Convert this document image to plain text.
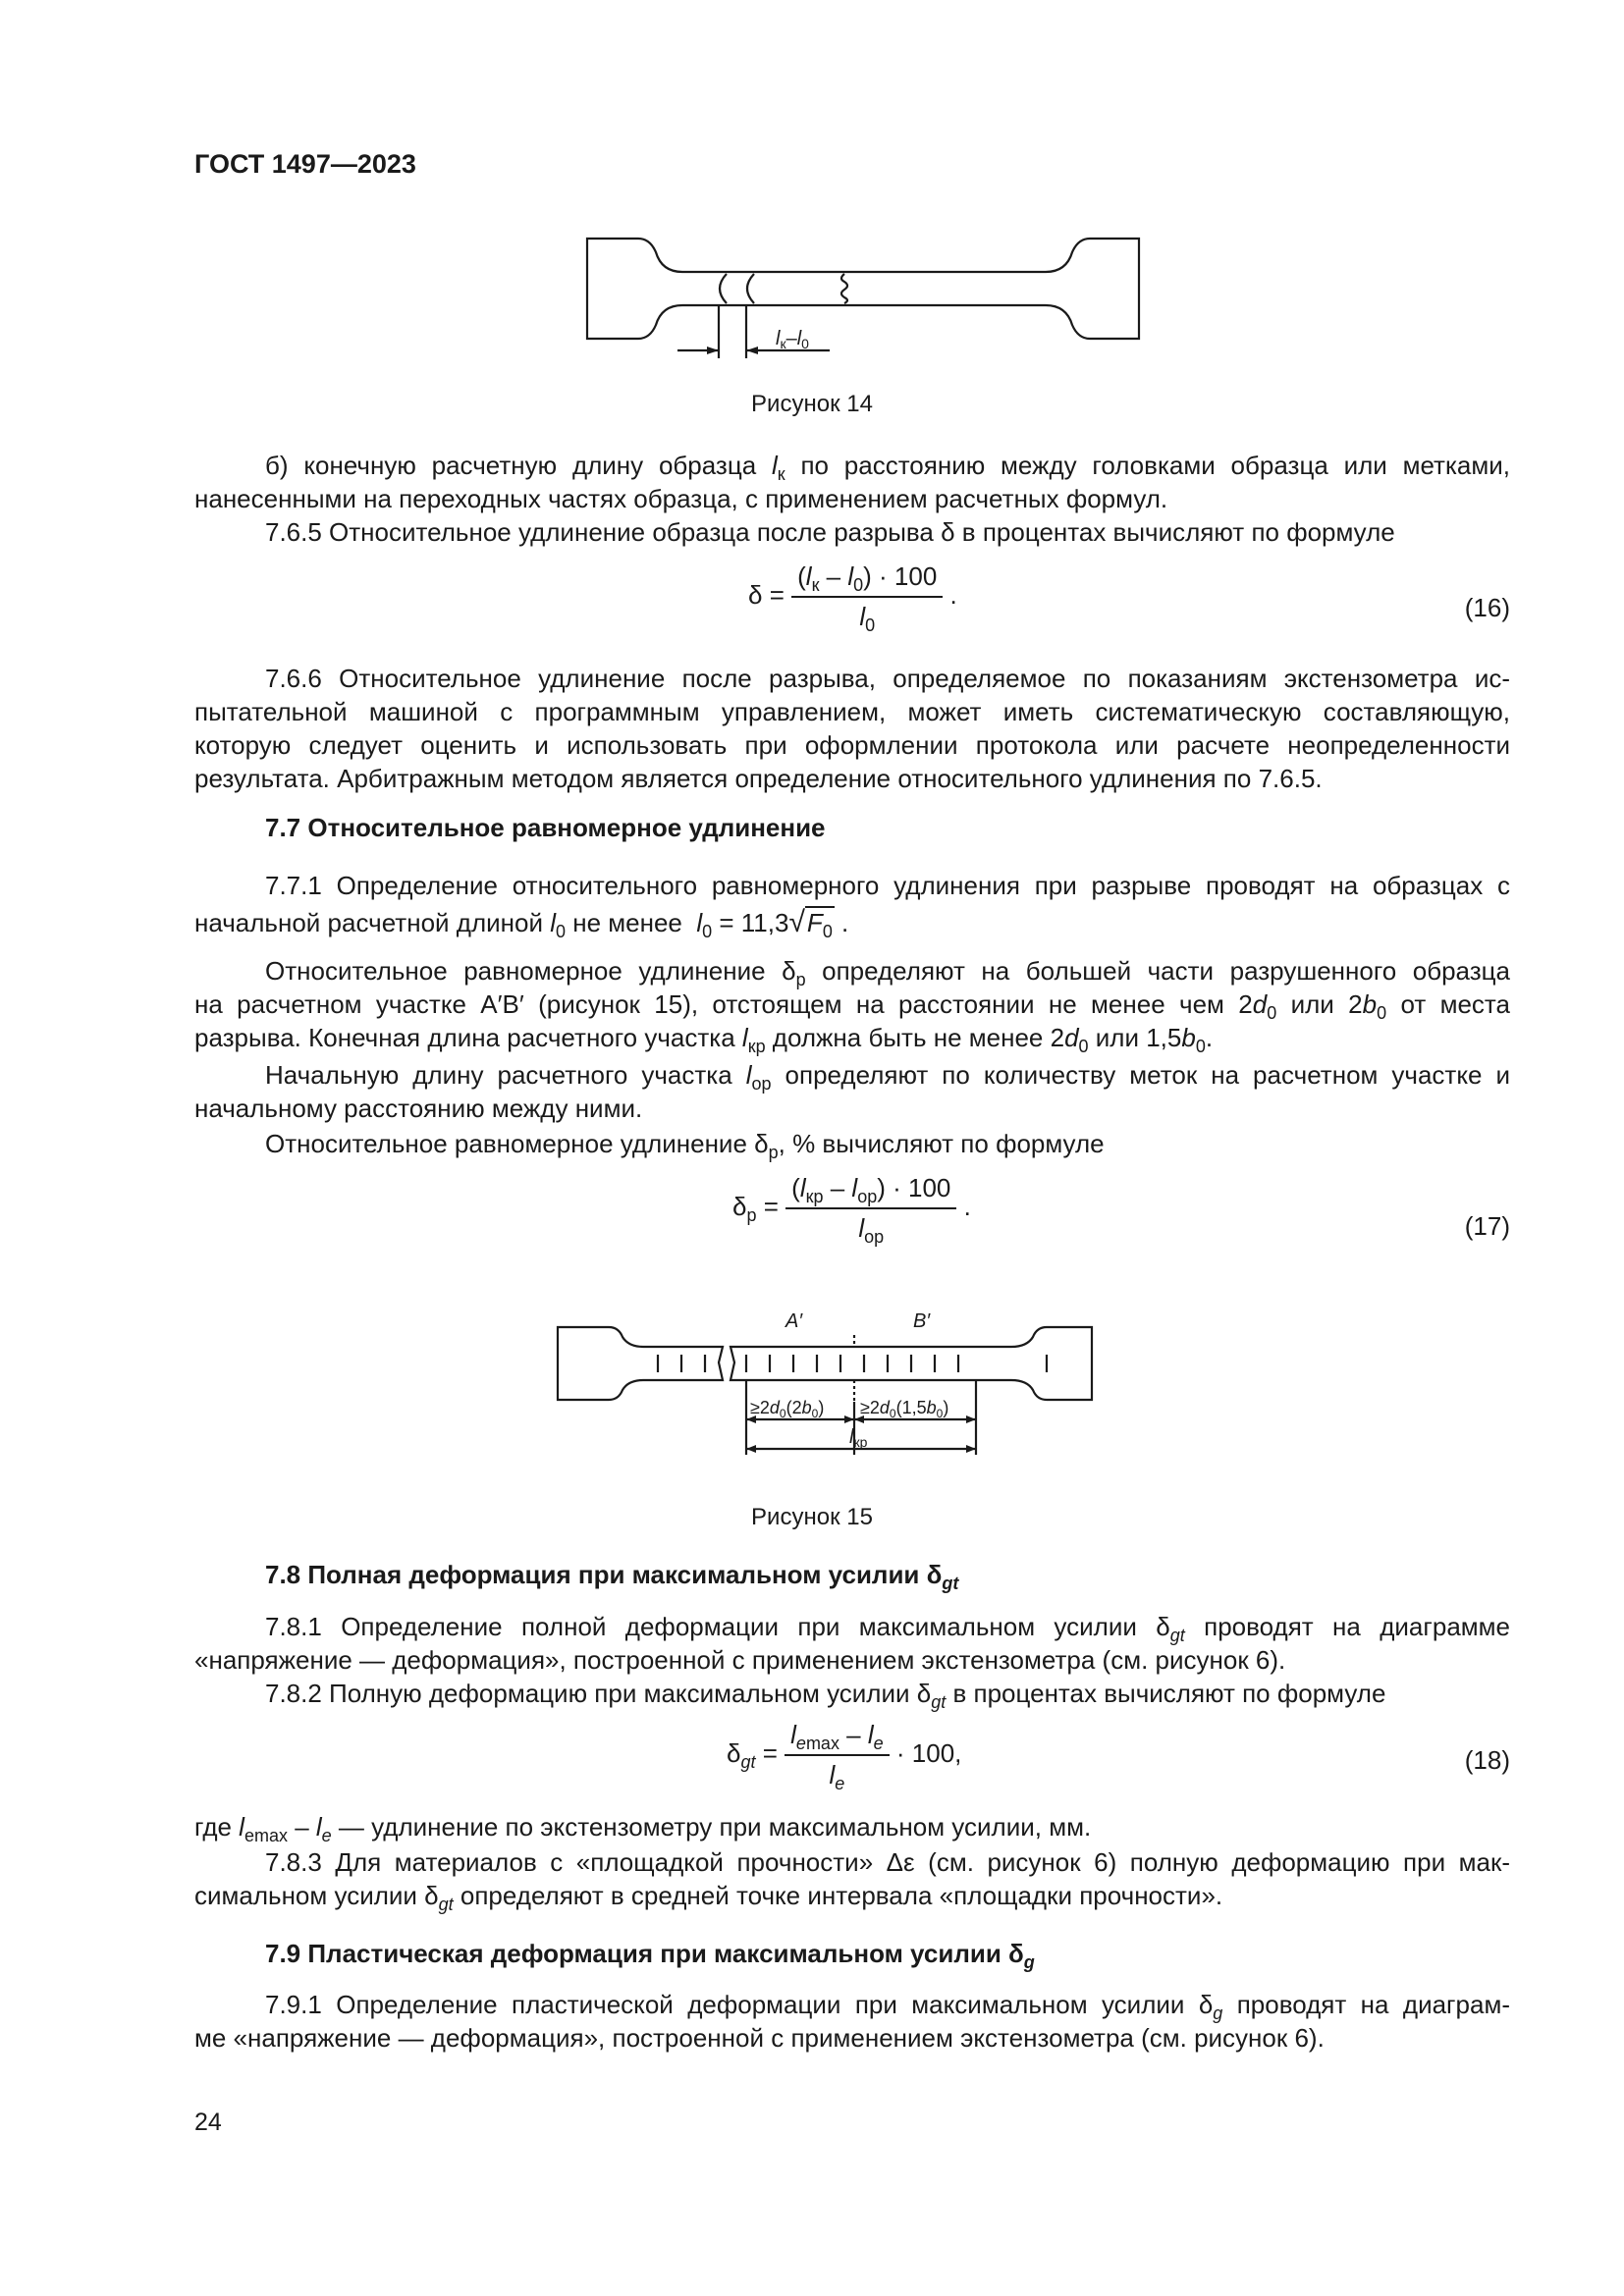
ГОСТ 1497—2023
$l_к-l_0$
Рисунок 14
б) конечную расчетную длину образца $l_к$ по расстоянию между головками образца или метками,
нанесенными на переходных частях образца, с применением расчетных формул.
7.6.5 Относительное удлинение образца после разрыва δ в процентах вычисляют по формуле
$\delta = \frac{(l_к - l_0) \cdot 100}{l_0}$ .	(16)
7.6.6 Относительное удлинение после разрыва, определяемое по показаниям экстензометра ис-
пытательной машиной с программным управлением, может иметь систематическую составляющую,
которую следует оценить и использовать при оформлении протокола или расчете неопределенности
результата. Арбитражным методом является определение относительного удлинения по 7.6.5.
7.7 Относительное равномерное удлинение
7.7.1 Определение относительного равномерного удлинения при разрыве проводят на образцах с
начальной расчетной длиной $l_0$ не менее  $l_0 = 11,3√F_0$ .
Относительное равномерное удлинение $\delta_р$ определяют на большей части разрушенного образца
на расчетном участке A′B′ (рисунок 15), отстоящем на расстоянии не менее чем $2d_0$ или $2b_0$ от места
разрыва. Конечная длина расчетного участка $l_{кр}$ должна быть не менее $2d_0$ или $1,5b_0$.
Начальную длину расчетного участка $l_{ор}$ определяют по количеству меток на расчетном участке и
начальному расстоянию между ними.
Относительное равномерное удлинение $\delta_р$, % вычисляют по формуле
$\delta_р = \frac{(l_{кр} - l_{ор}) \cdot 100}{l_{ор}}$ .
(17)
A′	B′
$\ge 2d_0(2b_0) \ge 2d_0(1,5b_0)$
$l_{кр}$
Рисунок 15
7.8 Полная деформация при максимальном усилии $\delta_{gt}$
7.8.1 Определение полной деформации при максимальном усилии $\delta_{gt}$ проводят на диаграмме
«напряжение — деформация», построенной с применением экстензометра (см. рисунок 6).
7.8.2 Полную деформацию при максимальном усилии $\delta_{gt}$ в процентах вычисляют по формуле
$\delta_{gt} = \frac{l_{emax} - l_e}{l_e} \cdot 100$,	(18)
где $l_{emax} - l_e$ — удлинение по экстензометру при максимальном усилии, мм.
7.8.3 Для материалов с «площадкой прочности» Δε (см. рисунок 6) полную деформацию при мак-
симальном усилии $\delta_{gt}$ определяют в средней точке интервала «площадки прочности».
7.9 Пластическая деформация при максимальном усилии $\delta_g$
7.9.1 Определение пластической деформации при максимальном усилии $\delta_g$ проводят на диаграм-
ме «напряжение — деформация», построенной с применением экстензометра (см. рисунок 6).
24
